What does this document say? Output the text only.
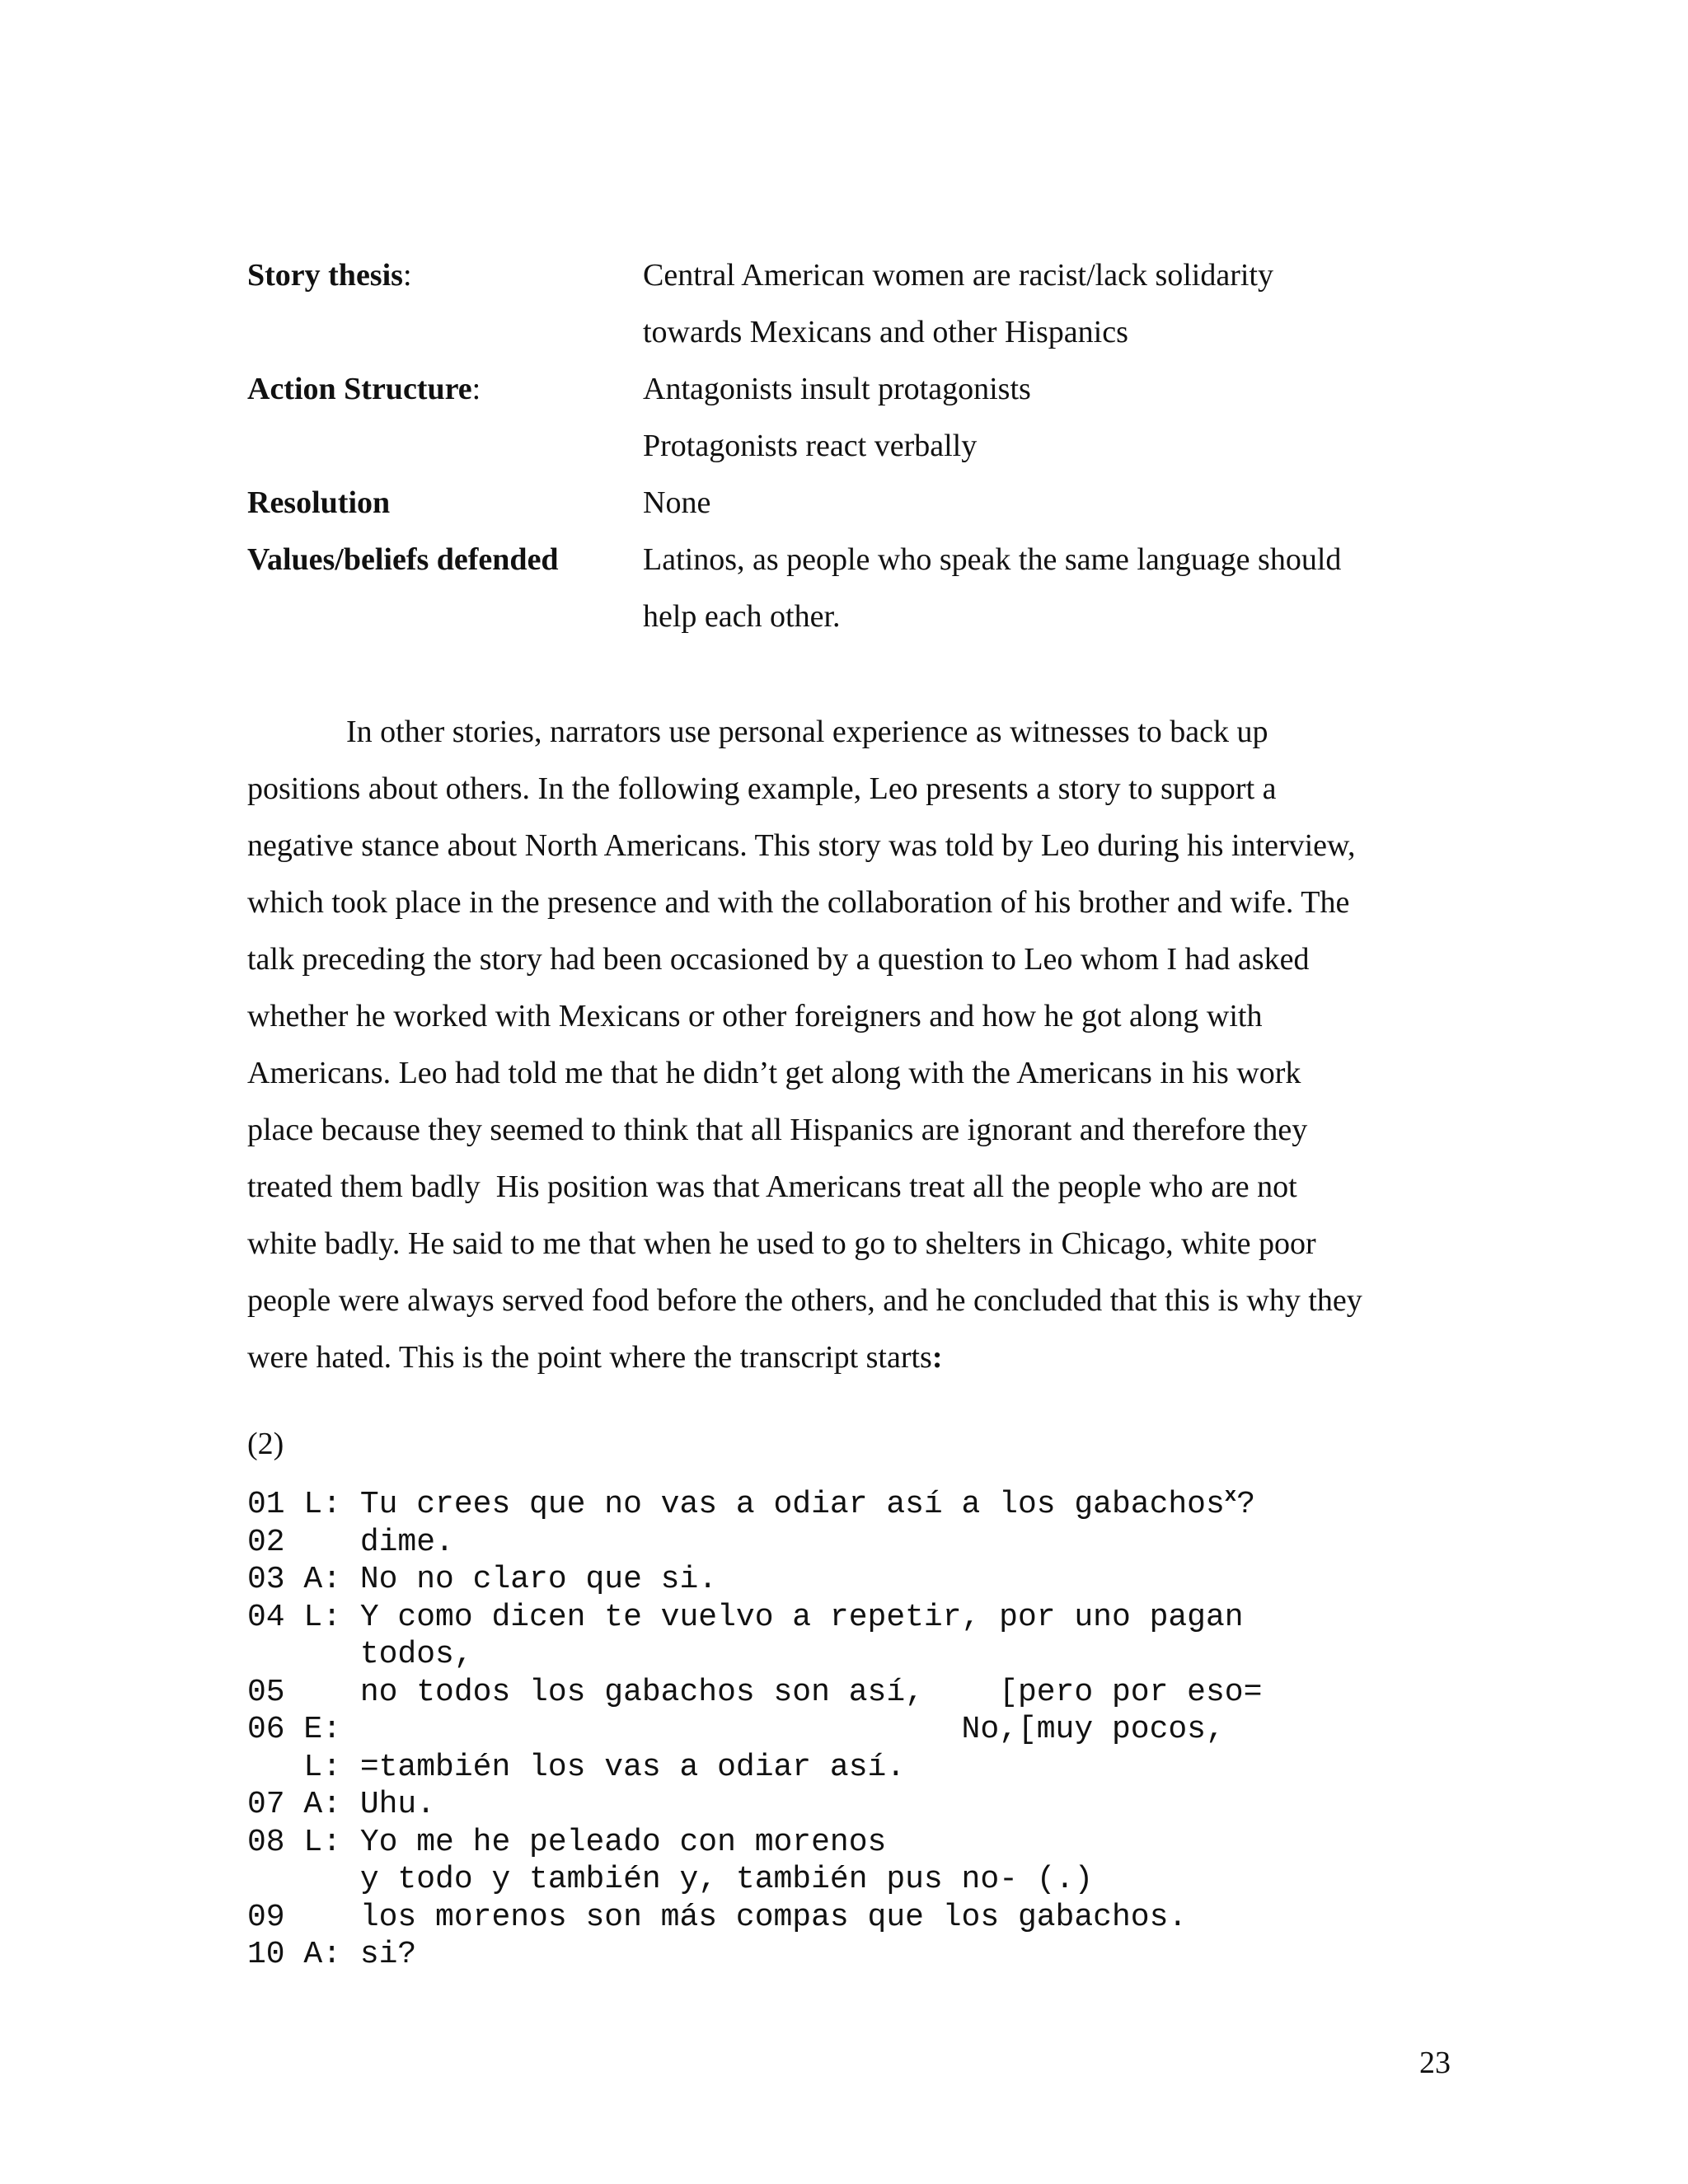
Story thesis:	Central American women are racist/lack solidarity
towards Mexicans and other Hispanics
Action Structure:	Antagonists insult protagonists
Protagonists react verbally
Resolution	None
Values/beliefs defended	Latinos, as people who speak the same language should
help each other.
In other stories, narrators use personal experience as witnesses to back up
positions about others. In the following example, Leo presents a story to support a
negative stance about North Americans. This story was told by Leo during his interview,
which took place in the presence and with the collaboration of his brother and wife. The
talk preceding the story had been occasioned by a question to Leo whom I had asked
whether he worked with Mexicans or other foreigners and how he got along with
Americans. Leo had told me that he didn’t get along with the Americans in his work
place because they seemed to think that all Hispanics are ignorant and therefore they
treated them badly  His position was that Americans treat all the people who are not
white badly. He said to me that when he used to go to shelters in Chicago, white poor
people were always served food before the others, and he concluded that this is why they
were hated. This is the point where the transcript starts:
(2)
01 L: Tu crees que no vas a odiar así a los gabachos$^x$?
02    dime.
03 A: No no claro que si.
04 L: Y como dicen te vuelvo a repetir, por uno pagan
todos,
05    no todos los gabachos son así,    [pero por eso=
06 E:                                 No,[muy pocos,
L: =también los vas a odiar así.
07 A: Uhu.
08 L: Yo me he peleado con morenos
y todo y también y, también pus no- (.)
09    los morenos son más compas que los gabachos.
10 A: si?
23
